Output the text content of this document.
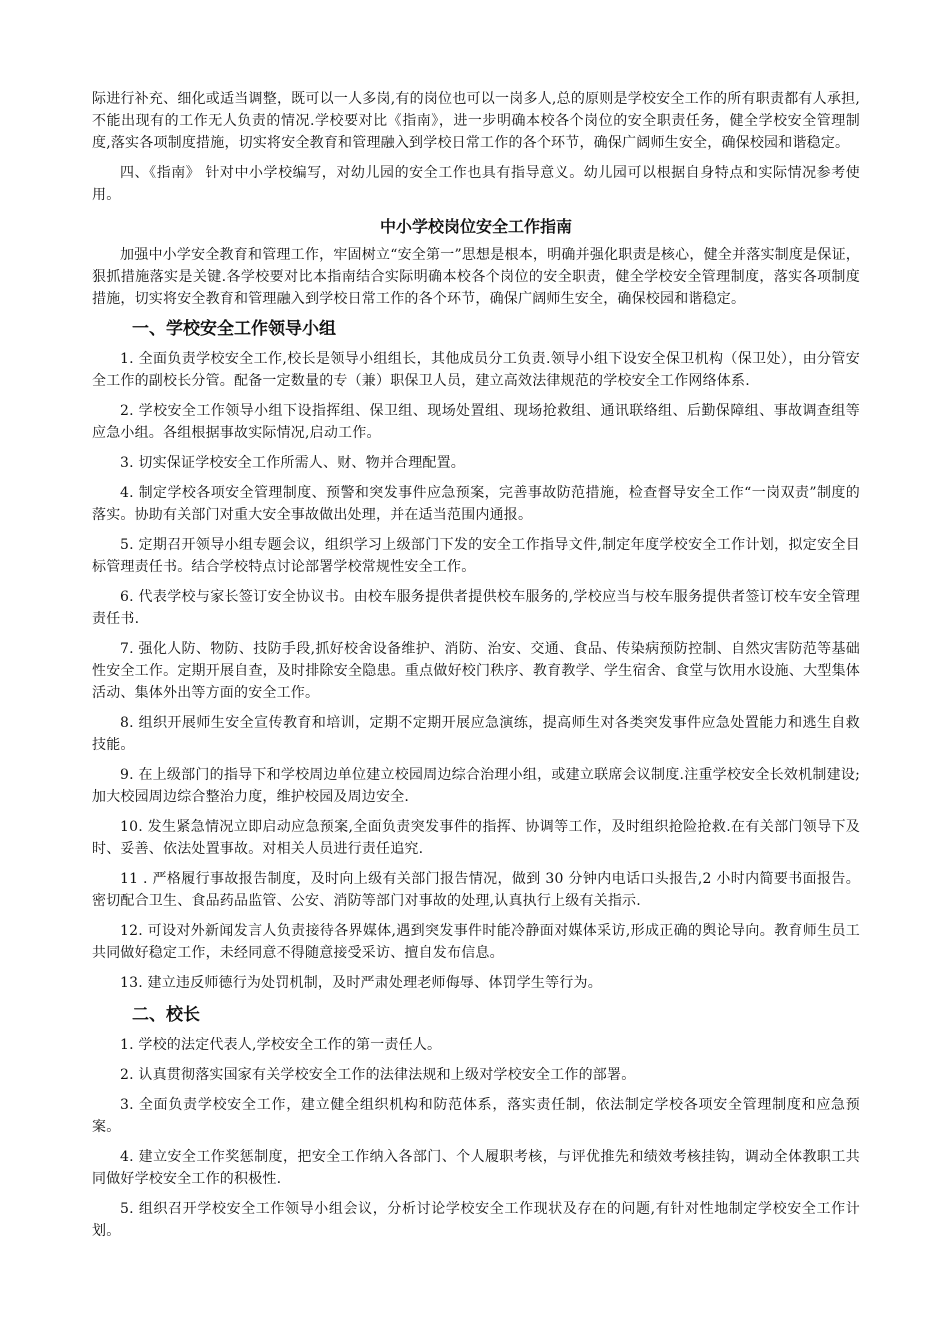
际进行补充、细化或适当调整，既可以一人多岗,有的岗位也可以一岗多人,总的原则是学校安全工作的所有职责都有人承担,不能出现有的工作无人负责的情况.学校要对比《指南》，进一步明确本校各个岗位的安全职责任务，健全学校安全管理制度,落实各项制度措施，切实将安全教育和管理融入到学校日常工作的各个环节，确保广阔师生安全，确保校园和谐稳定。

四、《指南》 针对中小学校编写，对幼儿园的安全工作也具有指导意义。幼儿园可以根据自身特点和实际情况参考使用。

中小学校岗位安全工作指南

加强中小学安全教育和管理工作，牢固树立“安全第一”思想是根本，明确并强化职责是核心，健全并落实制度是保证，狠抓措施落实是关键.各学校要对比本指南结合实际明确本校各个岗位的安全职责，健全学校安全管理制度，落实各项制度措施，切实将安全教育和管理融入到学校日常工作的各个环节，确保广阔师生安全，确保校园和谐稳定。

一、学校安全工作领导小组

1. 全面负责学校安全工作,校长是领导小组组长，其他成员分工负责.领导小组下设安全保卫机构（保卫处），由分管安全工作的副校长分管。配备一定数量的专（兼）职保卫人员，建立高效法律规范的学校安全工作网络体系.

2. 学校安全工作领导小组下设指挥组、保卫组、现场处置组、现场抢救组、通讯联络组、后勤保障组、事故调查组等应急小组。各组根据事故实际情况,启动工作。

3. 切实保证学校安全工作所需人、财、物并合理配置。

4. 制定学校各项安全管理制度、预警和突发事件应急预案，完善事故防范措施，检查督导安全工作“一岗双责”制度的落实。协助有关部门对重大安全事故做出处理，并在适当范围内通报。

5. 定期召开领导小组专题会议，组织学习上级部门下发的安全工作指导文件,制定年度学校安全工作计划，拟定安全目标管理责任书。结合学校特点讨论部署学校常规性安全工作。

6. 代表学校与家长签订安全协议书。由校车服务提供者提供校车服务的,学校应当与校车服务提供者签订校车安全管理责任书.

7. 强化人防、物防、技防手段,抓好校舍设备维护、消防、治安、交通、食品、传染病预防控制、自然灾害防范等基础性安全工作。定期开展自查，及时排除安全隐患。重点做好校门秩序、教育教学、学生宿舍、食堂与饮用水设施、大型集体活动、集体外出等方面的安全工作。

8. 组织开展师生安全宣传教育和培训，定期不定期开展应急演练，提高师生对各类突发事件应急处置能力和逃生自救技能。

9. 在上级部门的指导下和学校周边单位建立校园周边综合治理小组，或建立联席会议制度.注重学校安全长效机制建设;加大校园周边综合整治力度，维护校园及周边安全.

10. 发生紧急情况立即启动应急预案,全面负责突发事件的指挥、协调等工作，及时组织抢险抢救.在有关部门领导下及时、妥善、依法处置事故。对相关人员进行责任追究.

11 . 严格履行事故报告制度，及时向上级有关部门报告情况，做到 30 分钟内电话口头报告,2 小时内简要书面报告。密切配合卫生、食品药品监管、公安、消防等部门对事故的处理,认真执行上级有关指示.

12. 可设对外新闻发言人负责接待各界媒体,遇到突发事件时能冷静面对媒体采访,形成正确的舆论导向。教育师生员工共同做好稳定工作，未经同意不得随意接受采访、擅自发布信息。

13. 建立违反师德行为处罚机制，及时严肃处理老师侮辱、体罚学生等行为。

二、校长

1. 学校的法定代表人,学校安全工作的第一责任人。

2. 认真贯彻落实国家有关学校安全工作的法律法规和上级对学校安全工作的部署。

3. 全面负责学校安全工作，建立健全组织机构和防范体系，落实责任制，依法制定学校各项安全管理制度和应急预案。

4. 建立安全工作奖惩制度，把安全工作纳入各部门、个人履职考核，与评优推先和绩效考核挂钩，调动全体教职工共同做好学校安全工作的积极性.

5. 组织召开学校安全工作领导小组会议，分析讨论学校安全工作现状及存在的问题,有针对性地制定学校安全工作计划。
